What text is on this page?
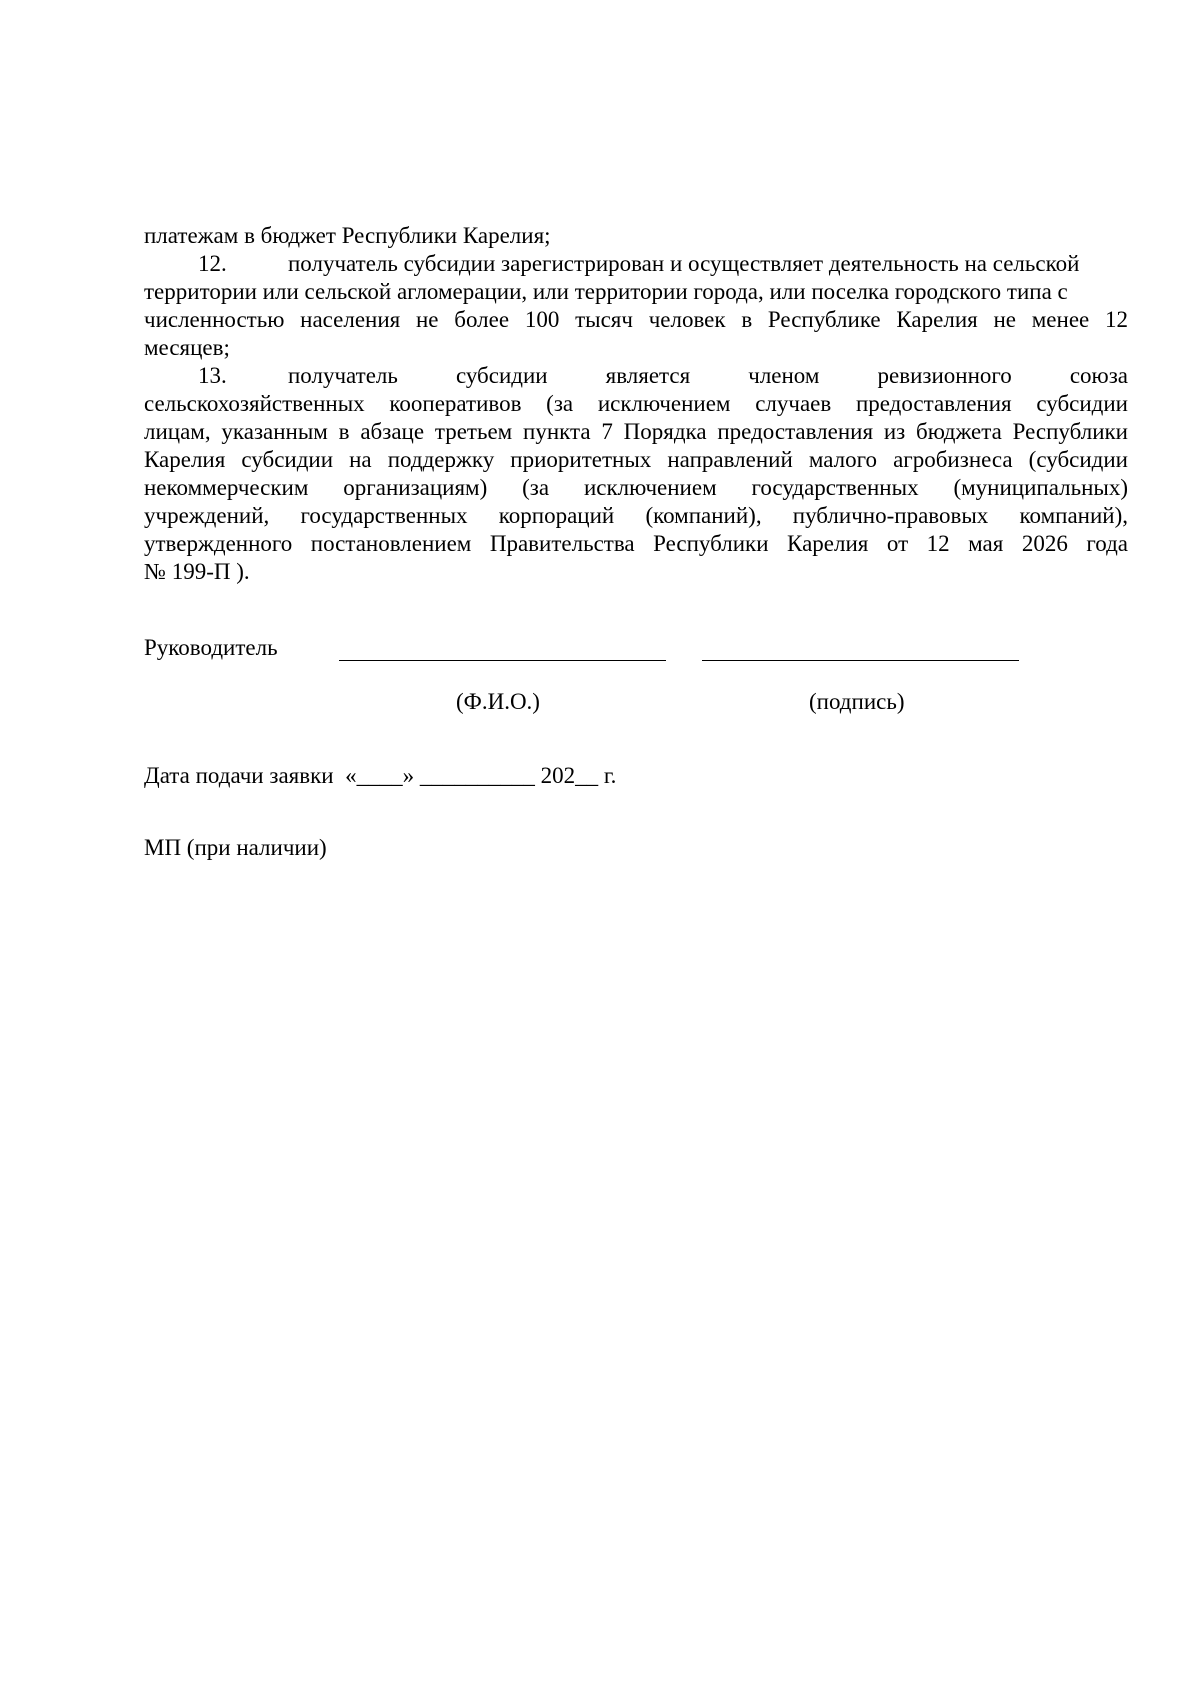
платежам в бюджет Республики Карелия;
12.	получатель субсидии зарегистрирован и осуществляет деятельность на сельской
территории или сельской агломерации, или территории города, или поселка городского типа с
численностью населения не более 100 тысяч человек в Республике Карелия не менее 12
месяцев;
13.	получатель	субсидии	является	членом	ревизионного	союза
сельскохозяйственных кооперативов (за исключением случаев предоставления субсидии
лицам, указанным в абзаце третьем пункта 7 Порядка предоставления из бюджета Республики
Карелия субсидии на поддержку приоритетных направлений малого агробизнеса (субсидии
некоммерческим организациям) (за исключением государственных (муниципальных)
учреждений, государственных корпораций (компаний), публично-правовых компаний),
утвержденного постановлением Правительства Республики Карелия от 12 мая 2026 года
№ 199-П ).
Руководитель
(Ф.И.О.)	(подпись)
Дата подачи заявки  «____» __________ 202__ г.
МП (при наличии)
